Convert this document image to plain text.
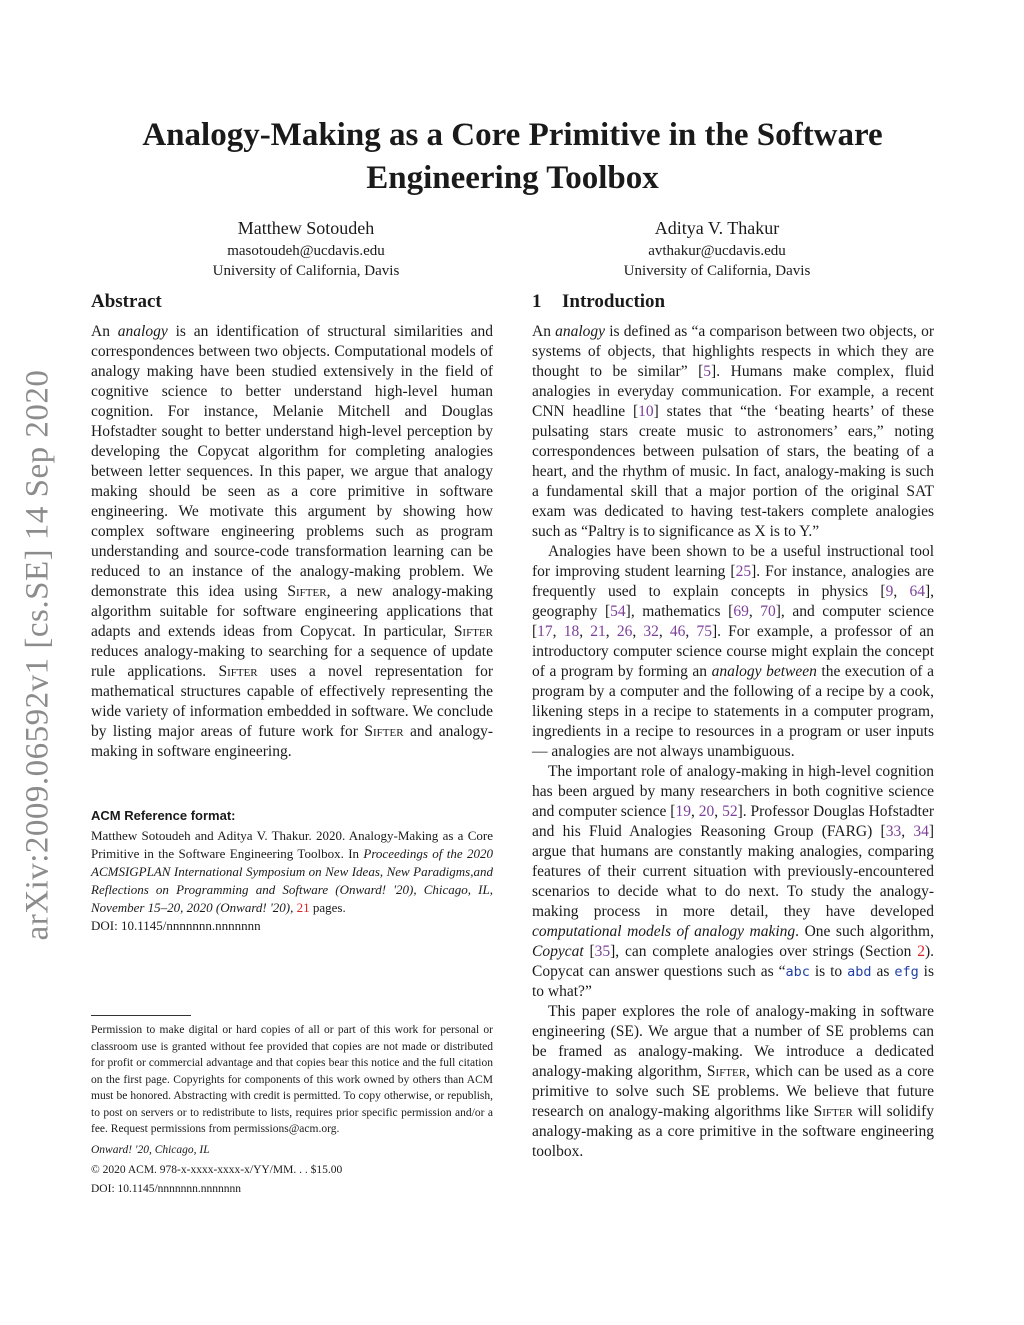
arXiv:2009.06592v1 [cs.SE] 14 Sep 2020
Analogy-Making as a Core Primitive in the Software
Engineering Toolbox
Matthew Sotoudeh
masotoudeh@ucdavis.edu
University of California, Davis
Aditya V. Thakur
avthakur@ucdavis.edu
University of California, Davis
Abstract

An analogy is an identification of structural similarities and correspondences between two objects. Computational models of analogy making have been studied extensively in the field of cognitive science to better understand high-level human cognition. For instance, Melanie Mitchell and Douglas Hofstadter sought to better understand high-level perception by developing the Copycat algorithm for completing analogies between letter sequences. In this paper, we argue that analogy making should be seen as a core primitive in software engineering. We motivate this argument by showing how complex software engineering problems such as program understanding and source-code transformation learning can be reduced to an instance of the analogy-making problem. We demonstrate this idea using Sifter, a new analogy-making algorithm suitable for software engineering applications that adapts and extends ideas from Copycat. In particular, Sifter reduces analogy-making to searching for a sequence of update rule applications. Sifter uses a novel representation for mathematical structures capable of effectively representing the wide variety of information embedded in software. We conclude by listing major areas of future work for Sifter and analogy-making in software engineering.

ACM Reference format:

Matthew Sotoudeh and Aditya V. Thakur. 2020. Analogy-Making as a Core Primitive in the Software Engineering Toolbox. In Proceedings of the 2020 ACMSIGPLAN International Symposium on New Ideas, New Paradigms,and Reflections on Programming and Software (Onward! '20), Chicago, IL, November 15–20, 2020 (Onward! '20), 21 pages.

DOI: 10.1145/nnnnnnn.nnnnnnn

Permission to make digital or hard copies of all or part of this work for personal or classroom use is granted without fee provided that copies are not made or distributed for profit or commercial advantage and that copies bear this notice and the full citation on the first page. Copyrights for components of this work owned by others than ACM must be honored. Abstracting with credit is permitted. To copy otherwise, or republish, to post on servers or to redistribute to lists, requires prior specific permission and/or a fee. Request permissions from permissions@acm.org.

Onward! '20, Chicago, IL
© 2020 ACM. 978-x-xxxx-xxxx-x/YY/MM. . . $15.00
DOI: 10.1145/nnnnnnn.nnnnnnn
1 Introduction

An analogy is defined as “a comparison between two objects, or systems of objects, that highlights respects in which they are thought to be similar” [5]. Humans make complex, fluid analogies in everyday communication. For example, a recent CNN headline [10] states that “the ‘beating hearts’ of these pulsating stars create music to astronomers’ ears,” noting correspondences between pulsation of stars, the beating of a heart, and the rhythm of music. In fact, analogy-making is such a fundamental skill that a major portion of the original SAT exam was dedicated to having test-takers complete analogies such as “Paltry is to significance as X is to Y.”

Analogies have been shown to be a useful instructional tool for improving student learning [25]. For instance, analogies are frequently used to explain concepts in physics [9, 64], geography [54], mathematics [69, 70], and computer science [17, 18, 21, 26, 32, 46, 75]. For example, a professor of an introductory computer science course might explain the concept of a program by forming an analogy between the execution of a program by a computer and the following of a recipe by a cook, likening steps in a recipe to statements in a computer program, ingredients in a recipe to resources in a program or user inputs — analogies are not always unambiguous.

The important role of analogy-making in high-level cognition has been argued by many researchers in both cognitive science and computer science [19, 20, 52]. Professor Douglas Hofstadter and his Fluid Analogies Reasoning Group (FARG) [33, 34] argue that humans are constantly making analogies, comparing features of their current situation with previously-encountered scenarios to decide what to do next. To study the analogy-making process in more detail, they have developed computational models of analogy making. One such algorithm, Copycat [35], can complete analogies over strings (Section 2). Copycat can answer questions such as “abc is to abd as efg is to what?”

This paper explores the role of analogy-making in software engineering (SE). We argue that a number of SE problems can be framed as analogy-making. We introduce a dedicated analogy-making algorithm, Sifter, which can be used as a core primitive to solve such SE problems. We believe that future research on analogy-making algorithms like Sifter will solidify analogy-making as a core primitive in the software engineering toolbox.
